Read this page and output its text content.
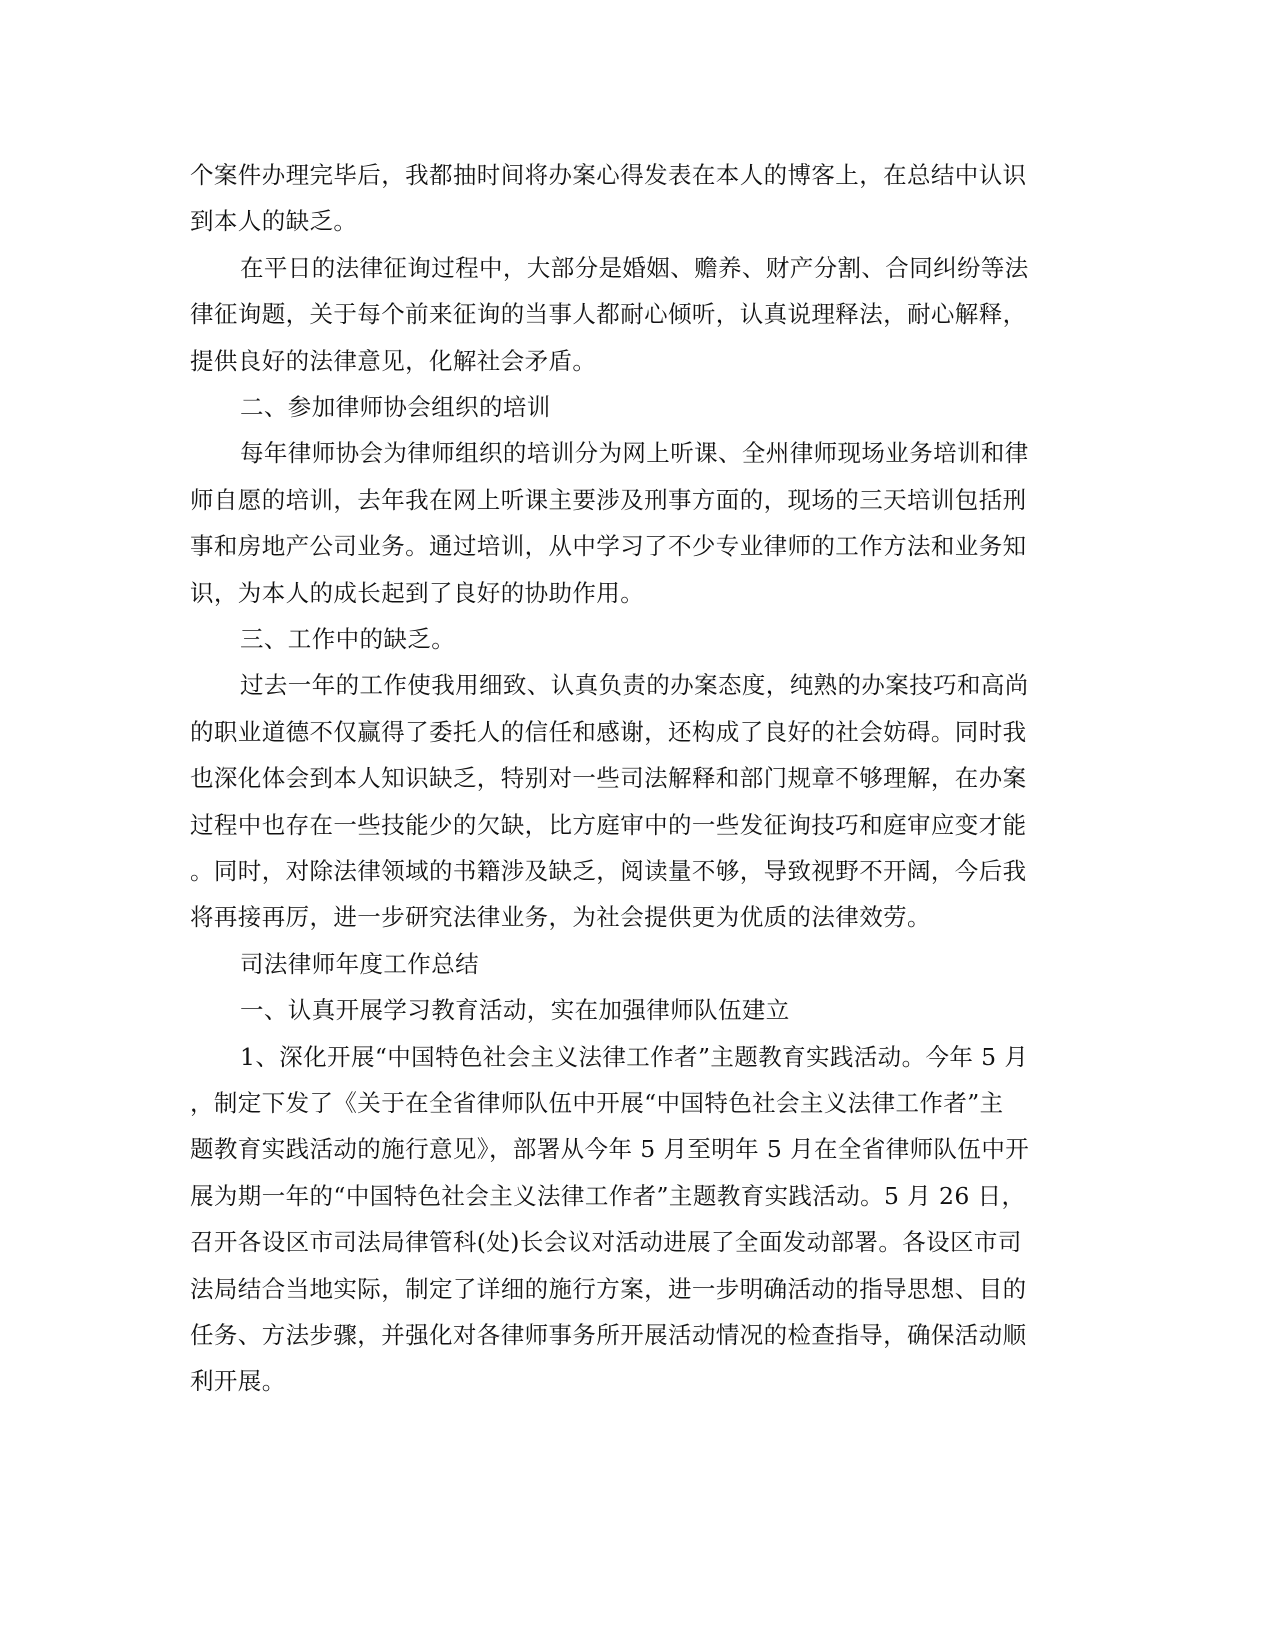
个案件办理完毕后，我都抽时间将办案心得发表在本人的博客上，在总结中认识
到本人的缺乏。
在平日的法律征询过程中，大部分是婚姻、赡养、财产分割、合同纠纷等法
律征询题，关于每个前来征询的当事人都耐心倾听，认真说理释法，耐心解释，
提供良好的法律意见，化解社会矛盾。
二、参加律师协会组织的培训
每年律师协会为律师组织的培训分为网上听课、全州律师现场业务培训和律
师自愿的培训，去年我在网上听课主要涉及刑事方面的，现场的三天培训包括刑
事和房地产公司业务。通过培训，从中学习了不少专业律师的工作方法和业务知
识，为本人的成长起到了良好的协助作用。
三、工作中的缺乏。
过去一年的工作使我用细致、认真负责的办案态度，纯熟的办案技巧和高尚
的职业道德不仅赢得了委托人的信任和感谢，还构成了良好的社会妨碍。同时我
也深化体会到本人知识缺乏，特别对一些司法解释和部门规章不够理解，在办案
过程中也存在一些技能少的欠缺，比方庭审中的一些发征询技巧和庭审应变才能
。同时，对除法律领域的书籍涉及缺乏，阅读量不够，导致视野不开阔，今后我
将再接再厉，进一步研究法律业务，为社会提供更为优质的法律效劳。
司法律师年度工作总结
一、认真开展学习教育活动，实在加强律师队伍建立
1、深化开展“中国特色社会主义法律工作者”主题教育实践活动。今年 5 月
，制定下发了《关于在全省律师队伍中开展“中国特色社会主义法律工作者”主
题教育实践活动的施行意见》，部署从今年 5 月至明年 5 月在全省律师队伍中开
展为期一年的“中国特色社会主义法律工作者”主题教育实践活动。5 月 26 日，
召开各设区市司法局律管科(处)长会议对活动进展了全面发动部署。各设区市司
法局结合当地实际，制定了详细的施行方案，进一步明确活动的指导思想、目的
任务、方法步骤，并强化对各律师事务所开展活动情况的检查指导，确保活动顺
利开展。
